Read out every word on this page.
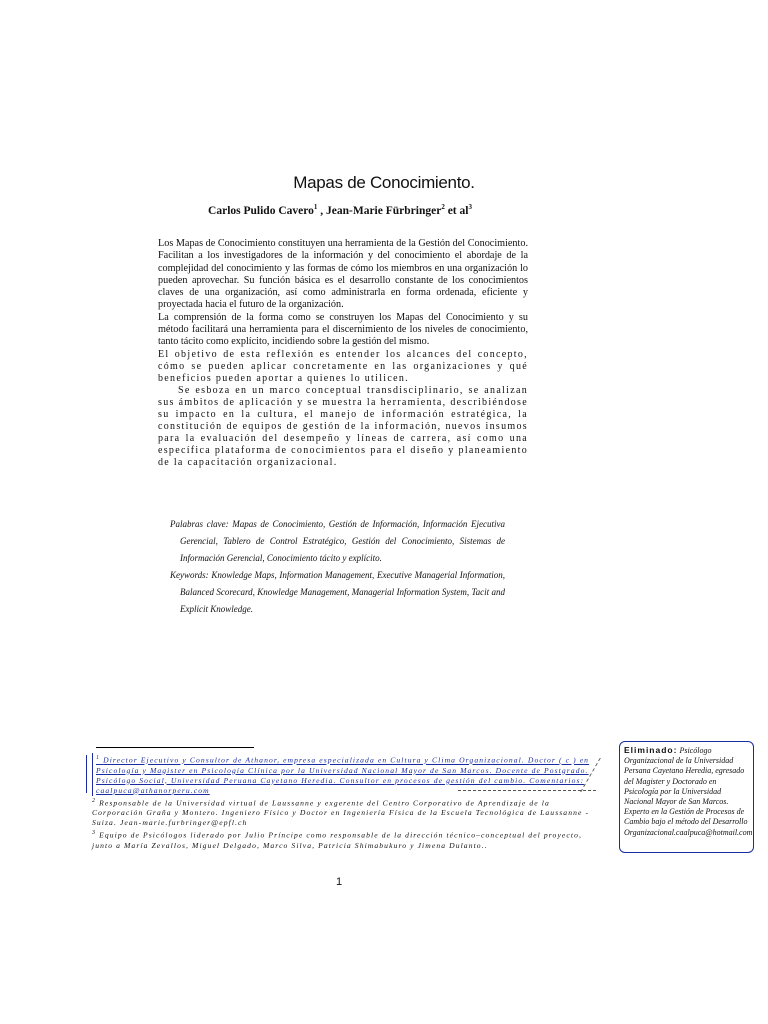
Mapas de Conocimiento.
Carlos Pulido Cavero$^1$ , Jean-Marie Fürbringer$^2$ et $al^3$

Los Mapas de Conocimiento constituyen una herramienta de la Gestión del Conocimiento. Facilitan a los investigadores de la información y del conocimiento el abordaje de la complejidad del conocimiento y las formas de cómo los miembros en una organización lo pueden aprovechar. Su función básica es el desarrollo constante de los conocimientos claves de una organización, así como administrarla en forma ordenada, eficiente y proyectada hacia el futuro de la organización.

La comprensión de la forma como se construyen los Mapas del Conocimiento y su método facilitará una herramienta para el discernimiento de los niveles de conocimiento, tanto tácito como explícito, incidiendo sobre la gestión del mismo.

El objetivo de esta reflexión es entender los alcances del concepto, cómo se pueden aplicar concretamente en las organizaciones y qué beneficios pueden aportar a quienes lo utilicen.

Se esboza en un marco conceptual transdisciplinario, se analizan sus ámbitos de aplicación y se muestra la herramienta, describiéndose su impacto en la cultura, el manejo de información estratégica, la constitución de equipos de gestión de la información, nuevos insumos para la evaluación del desempeño y líneas de carrera, así como una específica plataforma de conocimientos para el diseño y planeamiento de la capacitación organizacional.

Palabras clave: Mapas de Conocimiento, Gestión de Información, Información Ejecutiva Gerencial, Tablero de Control Estratégico, Gestión del Conocimiento, Sistemas de Información Gerencial, Conocimiento tácito y explícito.

Keywords: Knowledge Maps, Information Management, Executive Managerial Information, Balanced Scorecard, Knowledge Management, Managerial Information System, Tacit and Explicit Knowledge.

$^1$ Director Ejecutivo y Consultor de Athanor, empresa especializada en Cultura y Clima Organizacional. Doctor ( c ) en Psicología y Magister en Psicología Clínica por la Universidad Nacional Mayor de San Marcos. Docente de Postgrado. Psicólogo Social, Universidad Peruana Cayetano Heredia. Consultor en procesos de gestión del cambio. Comentarios: caalpuca@athanorperu.com

$^2$ Responsable de la Universidad virtual de Laussanne y exgerente del Centro Corporativo de Aprendizaje de la Corporación Graña y Montero. Ingeniero Físico y Doctor en Ingeniería Física de la Escuela Tecnológica de Laussanne - Suiza. Jean-marie.furbringer@epfl.ch

$^3$ Equipo de Psicólogos liderado por Julio Príncipe como responsable de la dirección técnico–conceptual del proyecto, junto a María Zevallos, Miguel Delgado, Marco Silva, Patricia Shimabukuro y Jimena Dulanto..

Eliminado: Psicólogo Organizacional de la Universidad Persana Cayetano Heredia, egresado del Magister y Doctorado en Psicología por la Universidad Nacional Mayor de San Marcos. Experto en la Gestión de Procesos de Cambio bajo el método del Desarrollo Organizacional.caalpuca@hotmail.com
1
